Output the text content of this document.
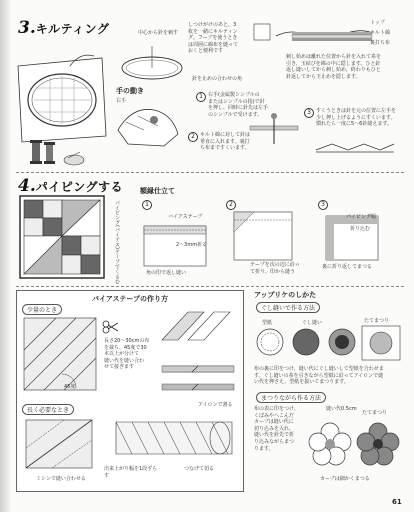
3.キルティング	中心から針を刺す
しつけがけのあと、3
枚を一緒にキルティン
グ。フープを使うとき
は周囲に綿布を縫って
おくと便利です
針を止めの合わせの角
トップ
キルト綿
裏打ち布
刺し始めは離れた位置から針を入れて糸を
引き、玉結びを綿の中に隠します。ひと針
返し縫いしてから刺し始め、終わりもひと
針返してから玉止めを隠します。
手の動き
右手
1	右手(金属製シンブルの
またはシンブルの指)で針
を押し、同時に針先は左手
のシンブルで受けます。
2	キルト綿に対して針は
垂直に入れます。裏打
ち布まですくいます。
3	すくうときは針を元の位置に左手を
少し押し上げるようにすくいます。
慣れたら一度に5〜6針縫えます。
4.パイピングする
パイピング(バイアス)テープでくるむ
額縁仕立て
1
バイアステープ
2〜3mm折る
角の印で返し縫い
2
テープを次の辺に沿っ
て折り、印から縫う
3
パイピング幅
折り込む
裏に折り返してまつる
バイアステープの作り方
少量のとき
45度
長さ20〜30cmの布
を裁ち、45度で30
本以上が分けて
縫い代を縫い合わ
せて接ぎます
長く必要なとき
ミシンで縫い合わせる
出来上がり幅を1段ずらす
つなげて切る
アイロンで割る
アップリケのしかた
ぐし縫いで作る方法
型紙	ぐし縫い	たてまつり
布の裏に印をつけ、縫い代にぐし縫いして型紙を合わせま
す。ぐし縫いの糸を引きながら型紙に沿ってアイロンで縫
い代を押さえ、型紙を抜いてまつります。
まつりながら作る方法
縫い代0.5cm
布の表に印をつけ、
くぼみやへこんだ
カーブは縫い代に
切り込みを入れ、
縫い代を針先で折
り込みながらまつ
ります。
たてまつり
カーブは細かくまつる
61
